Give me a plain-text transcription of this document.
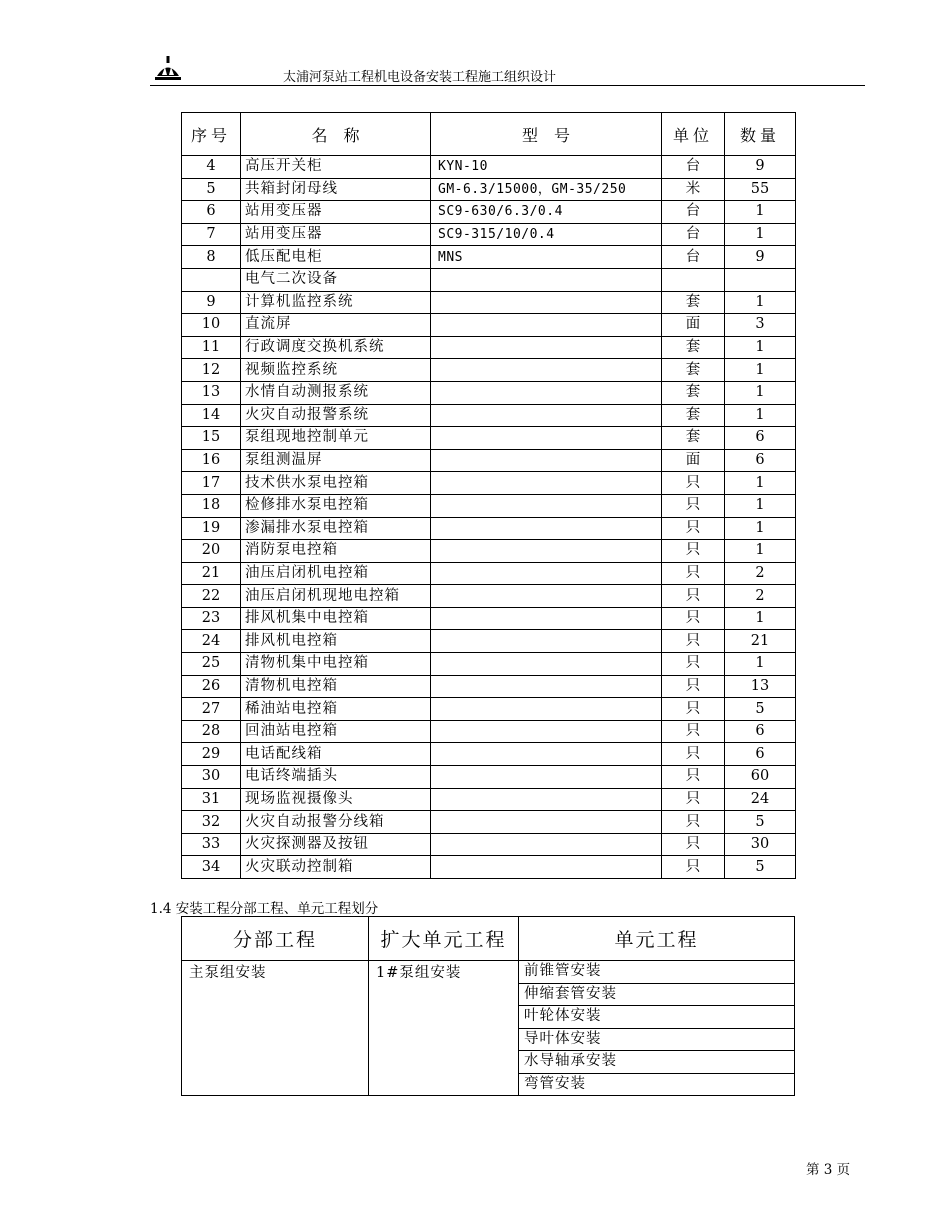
太浦河泵站工程机电设备安装工程施工组织设计
序号	名　称	型　号	单位	数量
4	高压开关柜	KYN-10	台	9
5	共箱封闭母线	GM-6.3/15000，GM-35/250	米	55
6	站用变压器	SC9-630/6.3/0.4	台	1
7	站用变压器	SC9-315/10/0.4	台	1
8	低压配电柜	MNS	台	9
	电气二次设备			
9	计算机监控系统		套	1
10	直流屏		面	3
11	行政调度交换机系统		套	1
12	视频监控系统		套	1
13	水情自动测报系统		套	1
14	火灾自动报警系统		套	1
15	泵组现地控制单元		套	6
16	泵组测温屏		面	6
17	技术供水泵电控箱		只	1
18	检修排水泵电控箱		只	1
19	渗漏排水泵电控箱		只	1
20	消防泵电控箱		只	1
21	油压启闭机电控箱		只	2
22	油压启闭机现地电控箱		只	2
23	排风机集中电控箱		只	1
24	排风机电控箱		只	21
25	清物机集中电控箱		只	1
26	清物机电控箱		只	13
27	稀油站电控箱		只	5
28	回油站电控箱		只	6
29	电话配线箱		只	6
30	电话终端插头		只	60
31	现场监视摄像头		只	24
32	火灾自动报警分线箱		只	5
33	火灾探测器及按钮		只	30
34	火灾联动控制箱		只	5
1.4 安装工程分部工程、单元工程划分
分部工程	扩大单元工程	单元工程
主泵组安装	1#泵组安装	前锥管安装
		伸缩套管安装
		叶轮体安装
		导叶体安装
		水导轴承安装
		弯管安装
第 3 页
